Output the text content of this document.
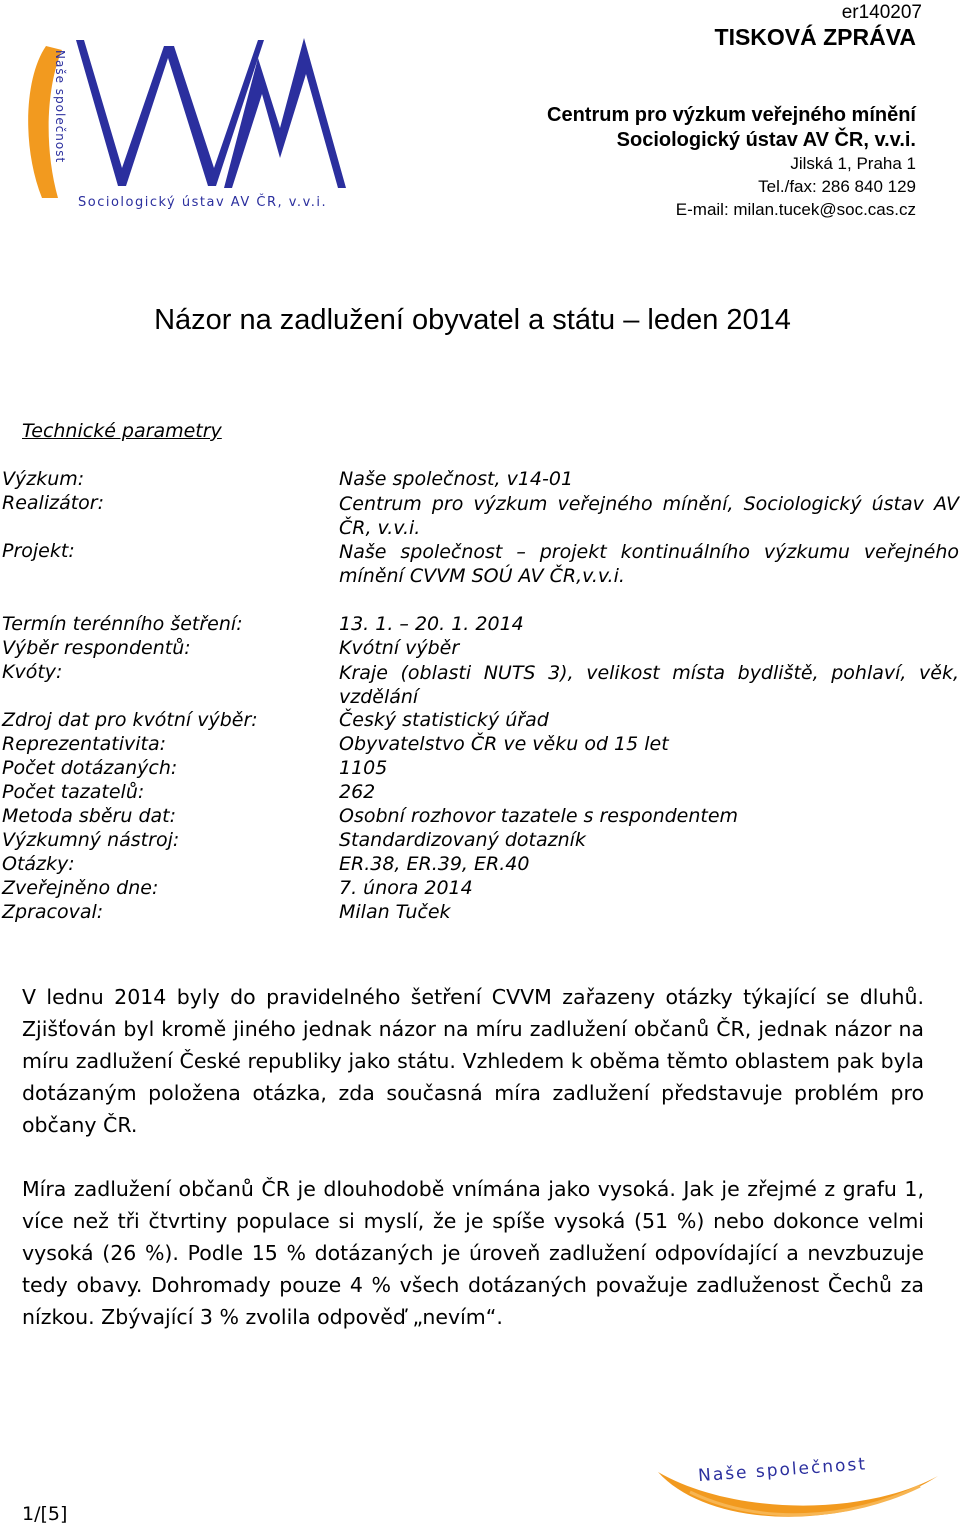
Naše společnost
Sociologický ústav AV ČR, v.v.i.
er140207
TISKOVÁ ZPRÁVA
Centrum pro výzkum veřejného mínění
Sociologický ústav AV ČR, v.v.i.
Jilská 1, Praha 1
Tel./fax: 286 840 129
E-mail: milan.tucek@soc.cas.cz
Názor na zadlužení obyvatel a státu – leden 2014
Technické parametry
Výzkum:	Naše společnost, v14-01
Realizátor:	Centrum pro výzkum veřejného mínění, Sociologický ústav AV ČR, v.v.i.
Projekt:	Naše společnost – projekt kontinuálního výzkumu veřejného mínění CVVM SOÚ AV ČR,v.v.i.
Termín terénního šetření:	13. 1. – 20. 1. 2014
Výběr respondentů:	Kvótní výběr
Kvóty:	Kraje (oblasti NUTS 3), velikost místa bydliště, pohlaví, věk, vzdělání
Zdroj dat pro kvótní výběr:	Český statistický úřad
Reprezentativita:	Obyvatelstvo ČR ve věku od 15 let
Počet dotázaných:	1105
Počet tazatelů:	262
Metoda sběru dat:	Osobní rozhovor tazatele s respondentem
Výzkumný nástroj:	Standardizovaný dotazník
Otázky:	ER.38, ER.39, ER.40
Zveřejněno dne:	7. února 2014
Zpracoval:	Milan Tuček
V lednu 2014 byly do pravidelného šetření CVVM zařazeny otázky týkající se dluhů. Zjišťován byl kromě jiného jednak názor na míru zadlužení občanů ČR, jednak názor na míru zadlužení České republiky jako státu. Vzhledem k oběma těmto oblastem pak byla dotázaným položena otázka, zda současná míra zadlužení představuje problém pro občany ČR.
Míra zadlužení občanů ČR je dlouhodobě vnímána jako vysoká. Jak je zřejmé z grafu 1, více než tři čtvrtiny populace si myslí, že je spíše vysoká (51 %) nebo dokonce velmi vysoká (26 %). Podle 15 % dotázaných je úroveň zadlužení odpovídající a nevzbuzuje tedy obavy. Dohromady pouze 4 % všech dotázaných považuje zadluženost Čechů za nízkou. Zbývající 3 % zvolila odpověď „nevím“.
1/[5]
Naše společnost
